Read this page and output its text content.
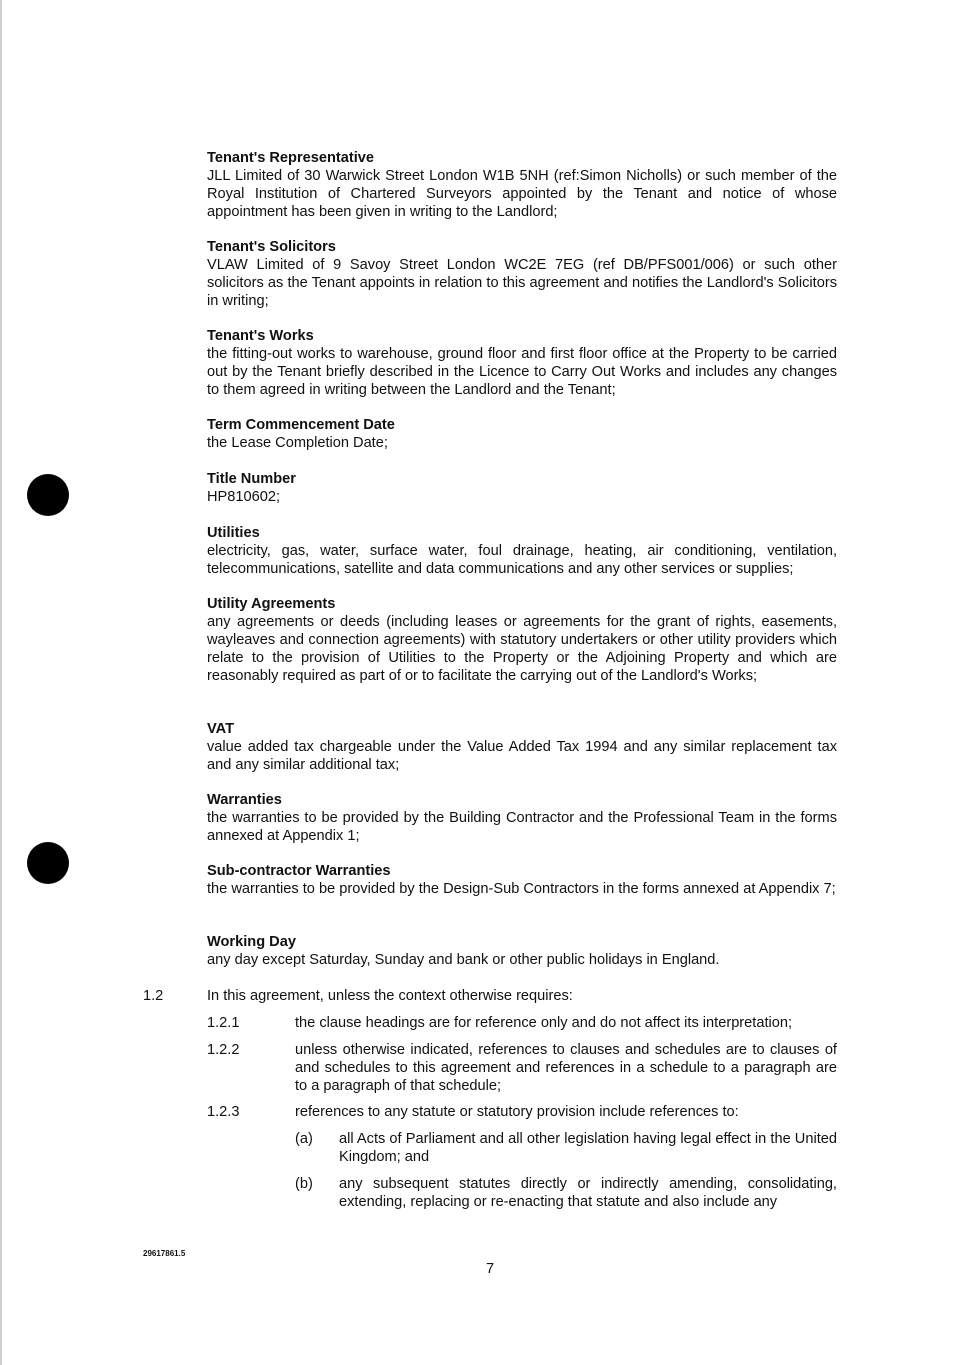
Tenant's Representative

JLL Limited of 30 Warwick Street London W1B 5NH (ref:Simon Nicholls) or such member of the Royal Institution of Chartered Surveyors appointed by the Tenant and notice of whose appointment has been given in writing to the Landlord;

Tenant's Solicitors

VLAW Limited of 9 Savoy Street London WC2E 7EG (ref DB/PFS001/006) or such other solicitors as the Tenant appoints in relation to this agreement and notifies the Landlord's Solicitors in writing;

Tenant's Works

the fitting-out works to warehouse, ground floor and first floor office at the Property to be carried out by the Tenant briefly described in the Licence to Carry Out Works and includes any changes to them agreed in writing between the Landlord and the Tenant;

Term Commencement Date

the Lease Completion Date;

Title Number

HP810602;

Utilities

electricity, gas, water, surface water, foul drainage, heating, air conditioning, ventilation, telecommunications, satellite and data communications and any other services or supplies;

Utility Agreements

any agreements or deeds (including leases or agreements for the grant of rights, easements, wayleaves and connection agreements) with statutory undertakers or other utility providers which relate to the provision of Utilities to the Property or the Adjoining Property and which are reasonably required as part of or to facilitate the carrying out of the Landlord's Works;

VAT

value added tax chargeable under the Value Added Tax 1994 and any similar replacement tax and any similar additional tax;

Warranties

the warranties to be provided by the Building Contractor and the Professional Team in the forms annexed at Appendix 1;

Sub-contractor Warranties

the warranties to be provided by the Design-Sub Contractors in the forms annexed at Appendix 7;

Working Day

any day except Saturday, Sunday and bank or other public holidays in England.

1.2	In this agreement, unless the context otherwise requires:
1.2.1	the clause headings are for reference only and do not affect its interpretation;
1.2.2	unless otherwise indicated, references to clauses and schedules are to clauses of and schedules to this agreement and references in a schedule to a paragraph are to a paragraph of that schedule;
1.2.3	references to any statute or statutory provision include references to:
(a) all Acts of Parliament and all other legislation having legal effect in the United Kingdom; and
(b) any subsequent statutes directly or indirectly amending, consolidating, extending, replacing or re-enacting that statute and also include any
29617861.5
7
